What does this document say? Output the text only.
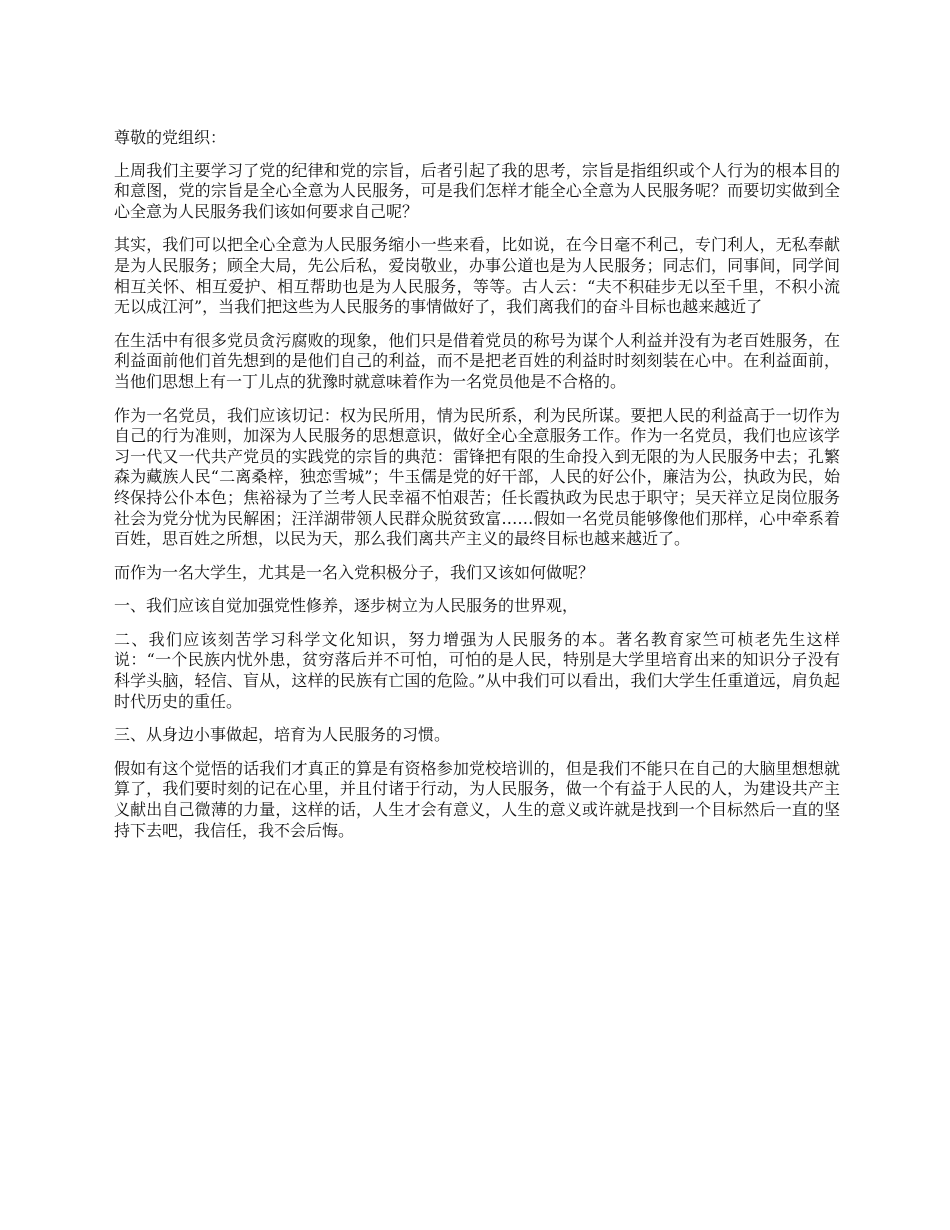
尊敬的党组织：

上周我们主要学习了党的纪律和党的宗旨，后者引起了我的思考，宗旨是指组织或个人行为的根本目的和意图，党的宗旨是全心全意为人民服务，可是我们怎样才能全心全意为人民服务呢？而要切实做到全心全意为人民服务我们该如何要求自己呢？

其实，我们可以把全心全意为人民服务缩小一些来看，比如说，在今日毫不利己，专门利人，无私奉献是为人民服务；顾全大局，先公后私，爱岗敬业，办事公道也是为人民服务；同志们，同事间，同学间相互关怀、相互爱护、相互帮助也是为人民服务，等等。古人云：“夫不积硅步无以至千里，不积小流无以成江河”，当我们把这些为人民服务的事情做好了，我们离我们的奋斗目标也越来越近了

在生活中有很多党员贪污腐败的现象，他们只是借着党员的称号为谋个人利益并没有为老百姓服务，在利益面前他们首先想到的是他们自己的利益，而不是把老百姓的利益时时刻刻装在心中。在利益面前，当他们思想上有一丁儿点的犹豫时就意味着作为一名党员他是不合格的。

作为一名党员，我们应该切记：权为民所用，情为民所系，利为民所谋。要把人民的利益高于一切作为自己的行为准则，加深为人民服务的思想意识，做好全心全意服务工作。作为一名党员，我们也应该学习一代又一代共产党员的实践党的宗旨的典范：雷锋把有限的生命投入到无限的为人民服务中去；孔繁森为藏族人民“二离桑梓，独恋雪城”；牛玉儒是党的好干部，人民的好公仆，廉洁为公，执政为民，始终保持公仆本色；焦裕禄为了兰考人民幸福不怕艰苦；任长霞执政为民忠于职守；吴天祥立足岗位服务社会为党分忧为民解困；汪洋湖带领人民群众脱贫致富……假如一名党员能够像他们那样，心中牵系着百姓，思百姓之所想，以民为天，那么我们离共产主义的最终目标也越来越近了。

而作为一名大学生，尤其是一名入党积极分子，我们又该如何做呢？

一、我们应该自觉加强党性修养，逐步树立为人民服务的世界观，

二、我们应该刻苦学习科学文化知识，努力增强为人民服务的本。著名教育家竺可桢老先生这样说：“一个民族内忧外患，贫穷落后并不可怕，可怕的是人民，特别是大学里培育出来的知识分子没有科学头脑，轻信、盲从，这样的民族有亡国的危险。”从中我们可以看出，我们大学生任重道远，肩负起时代历史的重任。

三、从身边小事做起，培育为人民服务的习惯。

假如有这个觉悟的话我们才真正的算是有资格参加党校培训的，但是我们不能只在自己的大脑里想想就算了，我们要时刻的记在心里，并且付诸于行动，为人民服务，做一个有益于人民的人，为建设共产主义献出自己微薄的力量，这样的话，人生才会有意义，人生的意义或许就是找到一个目标然后一直的坚持下去吧，我信任，我不会后悔。
